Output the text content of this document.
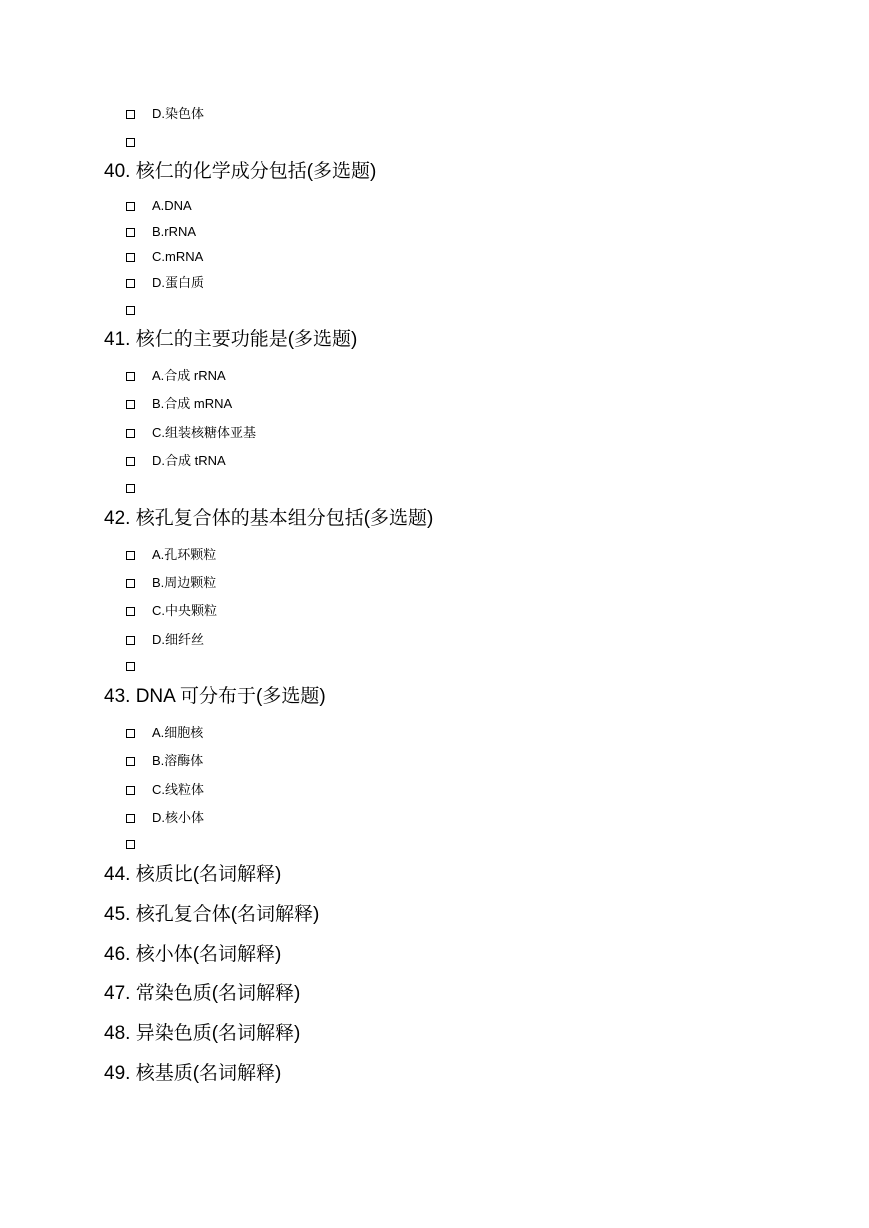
D.染色体
40. 核仁的化学成分包括(多选题)
A.DNA
B.rRNA
C.mRNA
D.蛋白质
41. 核仁的主要功能是(多选题)
A.合成 rRNA
B.合成 mRNA
C.组装核糖体亚基
D.合成 tRNA
42. 核孔复合体的基本组分包括(多选题)
A.孔环颗粒
B.周边颗粒
C.中央颗粒
D.细纤丝
43. DNA 可分布于(多选题)
A.细胞核
B.溶酶体
C.线粒体
D.核小体
44. 核质比(名词解释)
45. 核孔复合体(名词解释)
46. 核小体(名词解释)
47. 常染色质(名词解释)
48. 异染色质(名词解释)
49. 核基质(名词解释)
